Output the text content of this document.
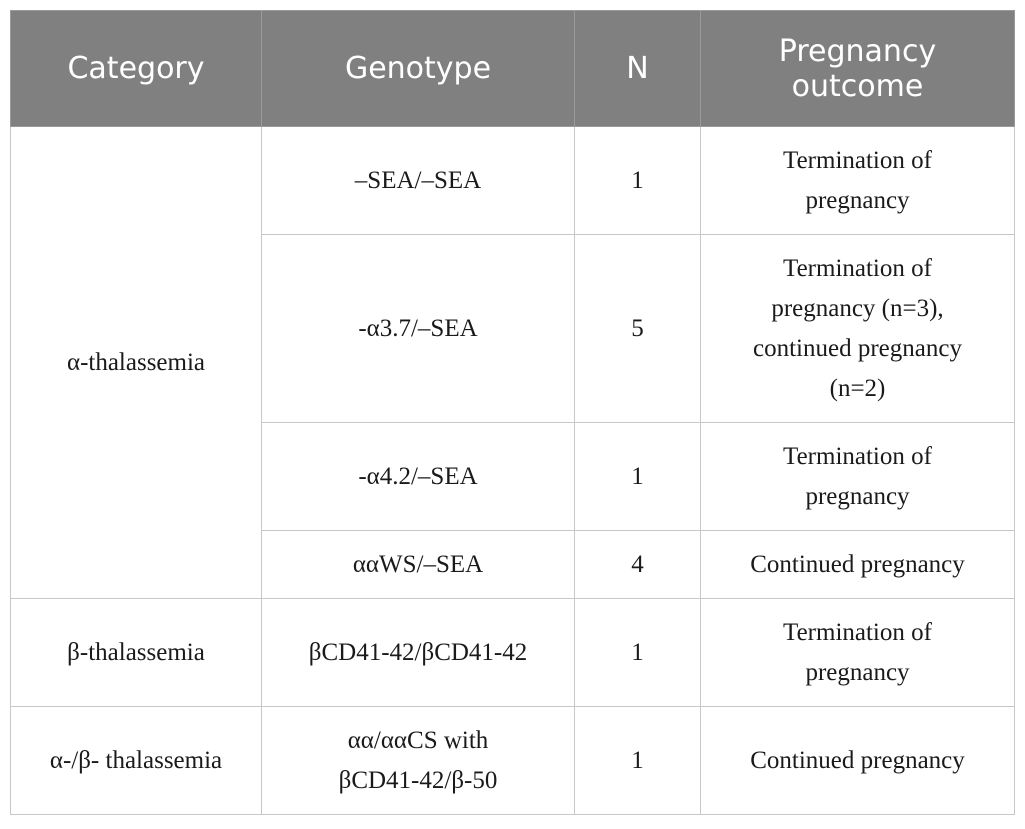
Category	Genotype	N	Pregnancy
outcome

α-thalassemia	–SEA/–SEA	1	Termination of
pregnancy

	-α3.7/–SEA	5	Termination of
pregnancy (n=3),
continued pregnancy
(n=2)

	-α4.2/–SEA	1	Termination of
pregnancy

	ααWS/–SEA	4	Continued pregnancy
β-thalassemia	βCD41-42/βCD41-42	1	Termination of
pregnancy

α-/β- thalassemia	αα/ααCS with
βCD41-42/β-50	1	Continued pregnancy
